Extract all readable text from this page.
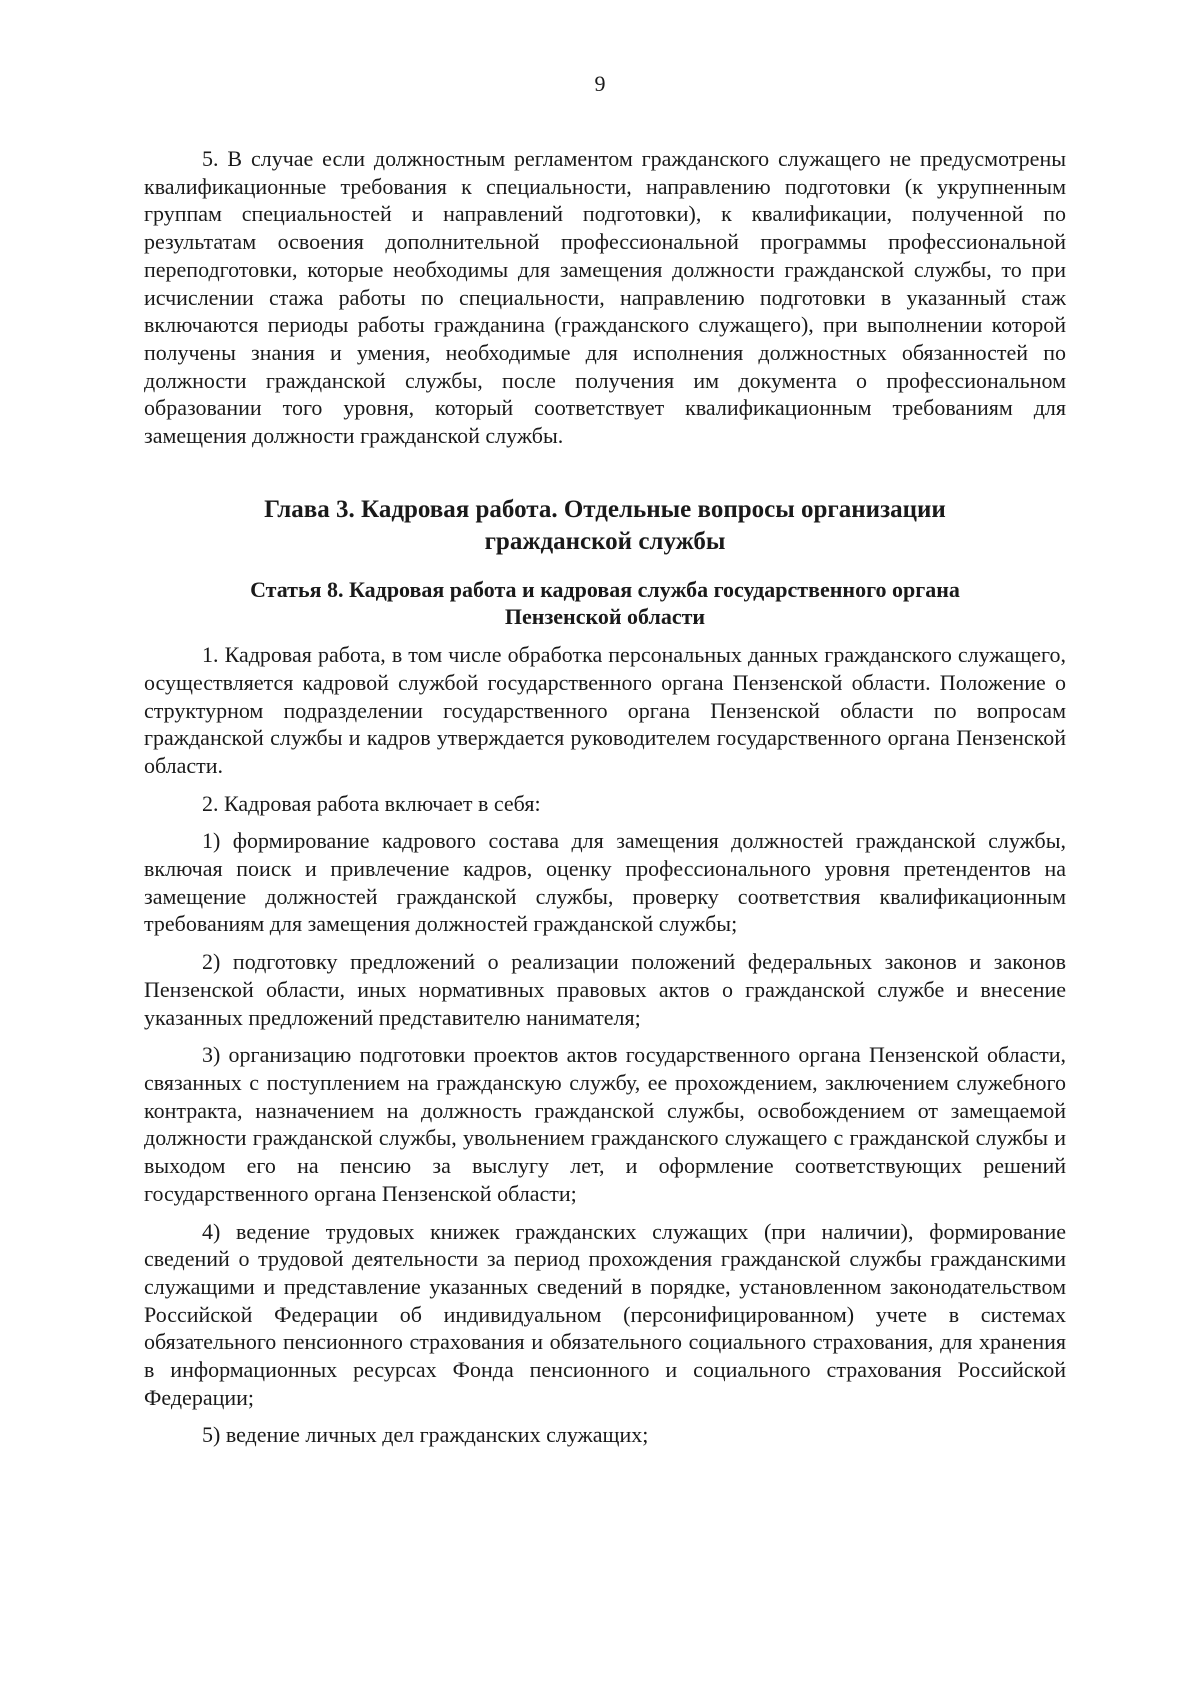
9

5. В случае если должностным регламентом гражданского служащего не предусмотрены квалификационные требования к специальности, направлению подготовки (к укрупненным группам специальностей и направлений подготовки), к квалификации, полученной по результатам освоения дополнительной профессиональной программы профессиональной переподготовки, которые необходимы для замещения должности гражданской службы, то при исчислении стажа работы по специальности, направлению подготовки в указанный стаж включаются периоды работы гражданина (гражданского служащего), при выполнении которой получены знания и умения, необходимые для исполнения должностных обязанностей по должности гражданской службы, после получения им документа о профессиональном образовании того уровня, который соответствует квалификационным требованиям для замещения должности гражданской службы.

Глава 3. Кадровая работа. Отдельные вопросы организации
гражданской службы
Статья 8. Кадровая работа и кадровая служба государственного органа
Пензенской области

1. Кадровая работа, в том числе обработка персональных данных гражданского служащего, осуществляется кадровой службой государственного органа Пензенской области. Положение о структурном подразделении государственного органа Пензенской области по вопросам гражданской службы и кадров утверждается руководителем государственного органа Пензенской области.

2. Кадровая работа включает в себя:

1) формирование кадрового состава для замещения должностей гражданской службы, включая поиск и привлечение кадров, оценку профессионального уровня претендентов на замещение должностей гражданской службы, проверку соответствия квалификационным требованиям для замещения должностей гражданской службы;

2) подготовку предложений о реализации положений федеральных законов и законов Пензенской области, иных нормативных правовых актов о гражданской службе и внесение указанных предложений представителю нанимателя;

3) организацию подготовки проектов актов государственного органа Пензенской области, связанных с поступлением на гражданскую службу, ее прохождением, заключением служебного контракта, назначением на должность гражданской службы, освобождением от замещаемой должности гражданской службы, увольнением гражданского служащего с гражданской службы и выходом его на пенсию за выслугу лет, и оформление соответствующих решений государственного органа Пензенской области;

4) ведение трудовых книжек гражданских служащих (при наличии), формирование сведений о трудовой деятельности за период прохождения гражданской службы гражданскими служащими и представление указанных сведений в порядке, установленном законодательством Российской Федерации об индивидуальном (персонифицированном) учете в системах обязательного пенсионного страхования и обязательного социального страхования, для хранения в информационных ресурсах Фонда пенсионного и социального страхования Российской Федерации;

5) ведение личных дел гражданских служащих;
